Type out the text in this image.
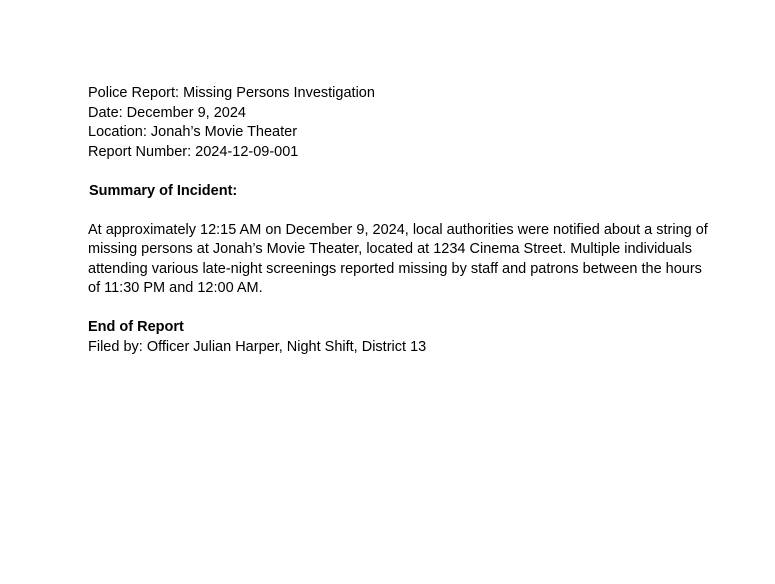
Police Report: Missing Persons Investigation
Date: December 9, 2024
Location: Jonah’s Movie Theater
Report Number: 2024-12-09-001
Summary of Incident:
At approximately 12:15 AM on December 9, 2024, local authorities were notified about a string of missing persons at Jonah’s Movie Theater, located at 1234 Cinema Street. Multiple individuals attending various late-night screenings reported missing by staff and patrons between the hours of 11:30 PM and 12:00 AM.
End of Report
Filed by: Officer Julian Harper, Night Shift, District 13
